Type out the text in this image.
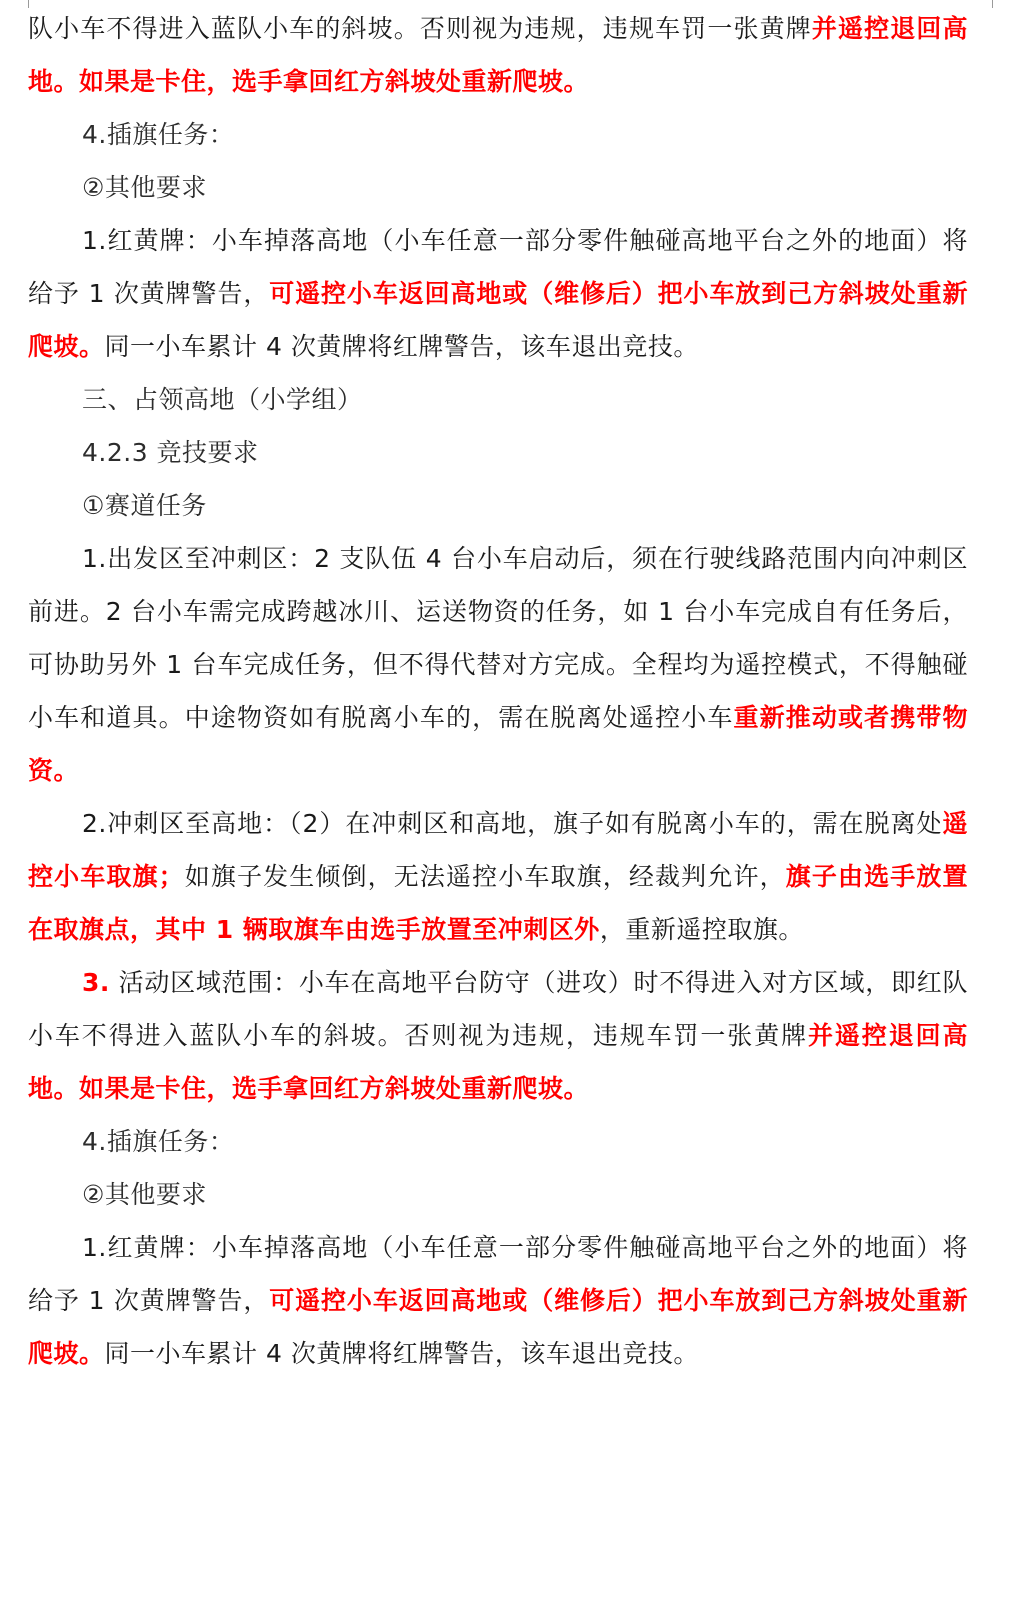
队小车不得进入蓝队小车的斜坡。否则视为违规，违规车罚一张黄牌并遥控退回高地。如果是卡住，选手拿回红方斜坡处重新爬坡。

4.插旗任务：

②其他要求

1.红黄牌：小车掉落高地（小车任意一部分零件触碰高地平台之外的地面）将给予 1 次黄牌警告，可遥控小车返回高地或（维修后）把小车放到己方斜坡处重新爬坡。同一小车累计 4 次黄牌将红牌警告，该车退出竞技。

三、占领高地（小学组）

4.2.3 竞技要求

①赛道任务

1.出发区至冲刺区：2 支队伍 4 台小车启动后，须在行驶线路范围内向冲刺区前进。2 台小车需完成跨越冰川、运送物资的任务，如 1 台小车完成自有任务后，可协助另外 1 台车完成任务，但不得代替对方完成。全程均为遥控模式，不得触碰小车和道具。中途物资如有脱离小车的，需在脱离处遥控小车重新推动或者携带物资。

2.冲刺区至高地：（2）在冲刺区和高地，旗子如有脱离小车的，需在脱离处遥控小车取旗；如旗子发生倾倒，无法遥控小车取旗，经裁判允许，旗子由选手放置在取旗点，其中 1 辆取旗车由选手放置至冲刺区外，重新遥控取旗。

3. 活动区域范围：小车在高地平台防守（进攻）时不得进入对方区域，即红队小车不得进入蓝队小车的斜坡。否则视为违规，违规车罚一张黄牌并遥控退回高地。如果是卡住，选手拿回红方斜坡处重新爬坡。

4.插旗任务：

②其他要求

1.红黄牌：小车掉落高地（小车任意一部分零件触碰高地平台之外的地面）将给予 1 次黄牌警告，可遥控小车返回高地或（维修后）把小车放到己方斜坡处重新爬坡。同一小车累计 4 次黄牌将红牌警告，该车退出竞技。
